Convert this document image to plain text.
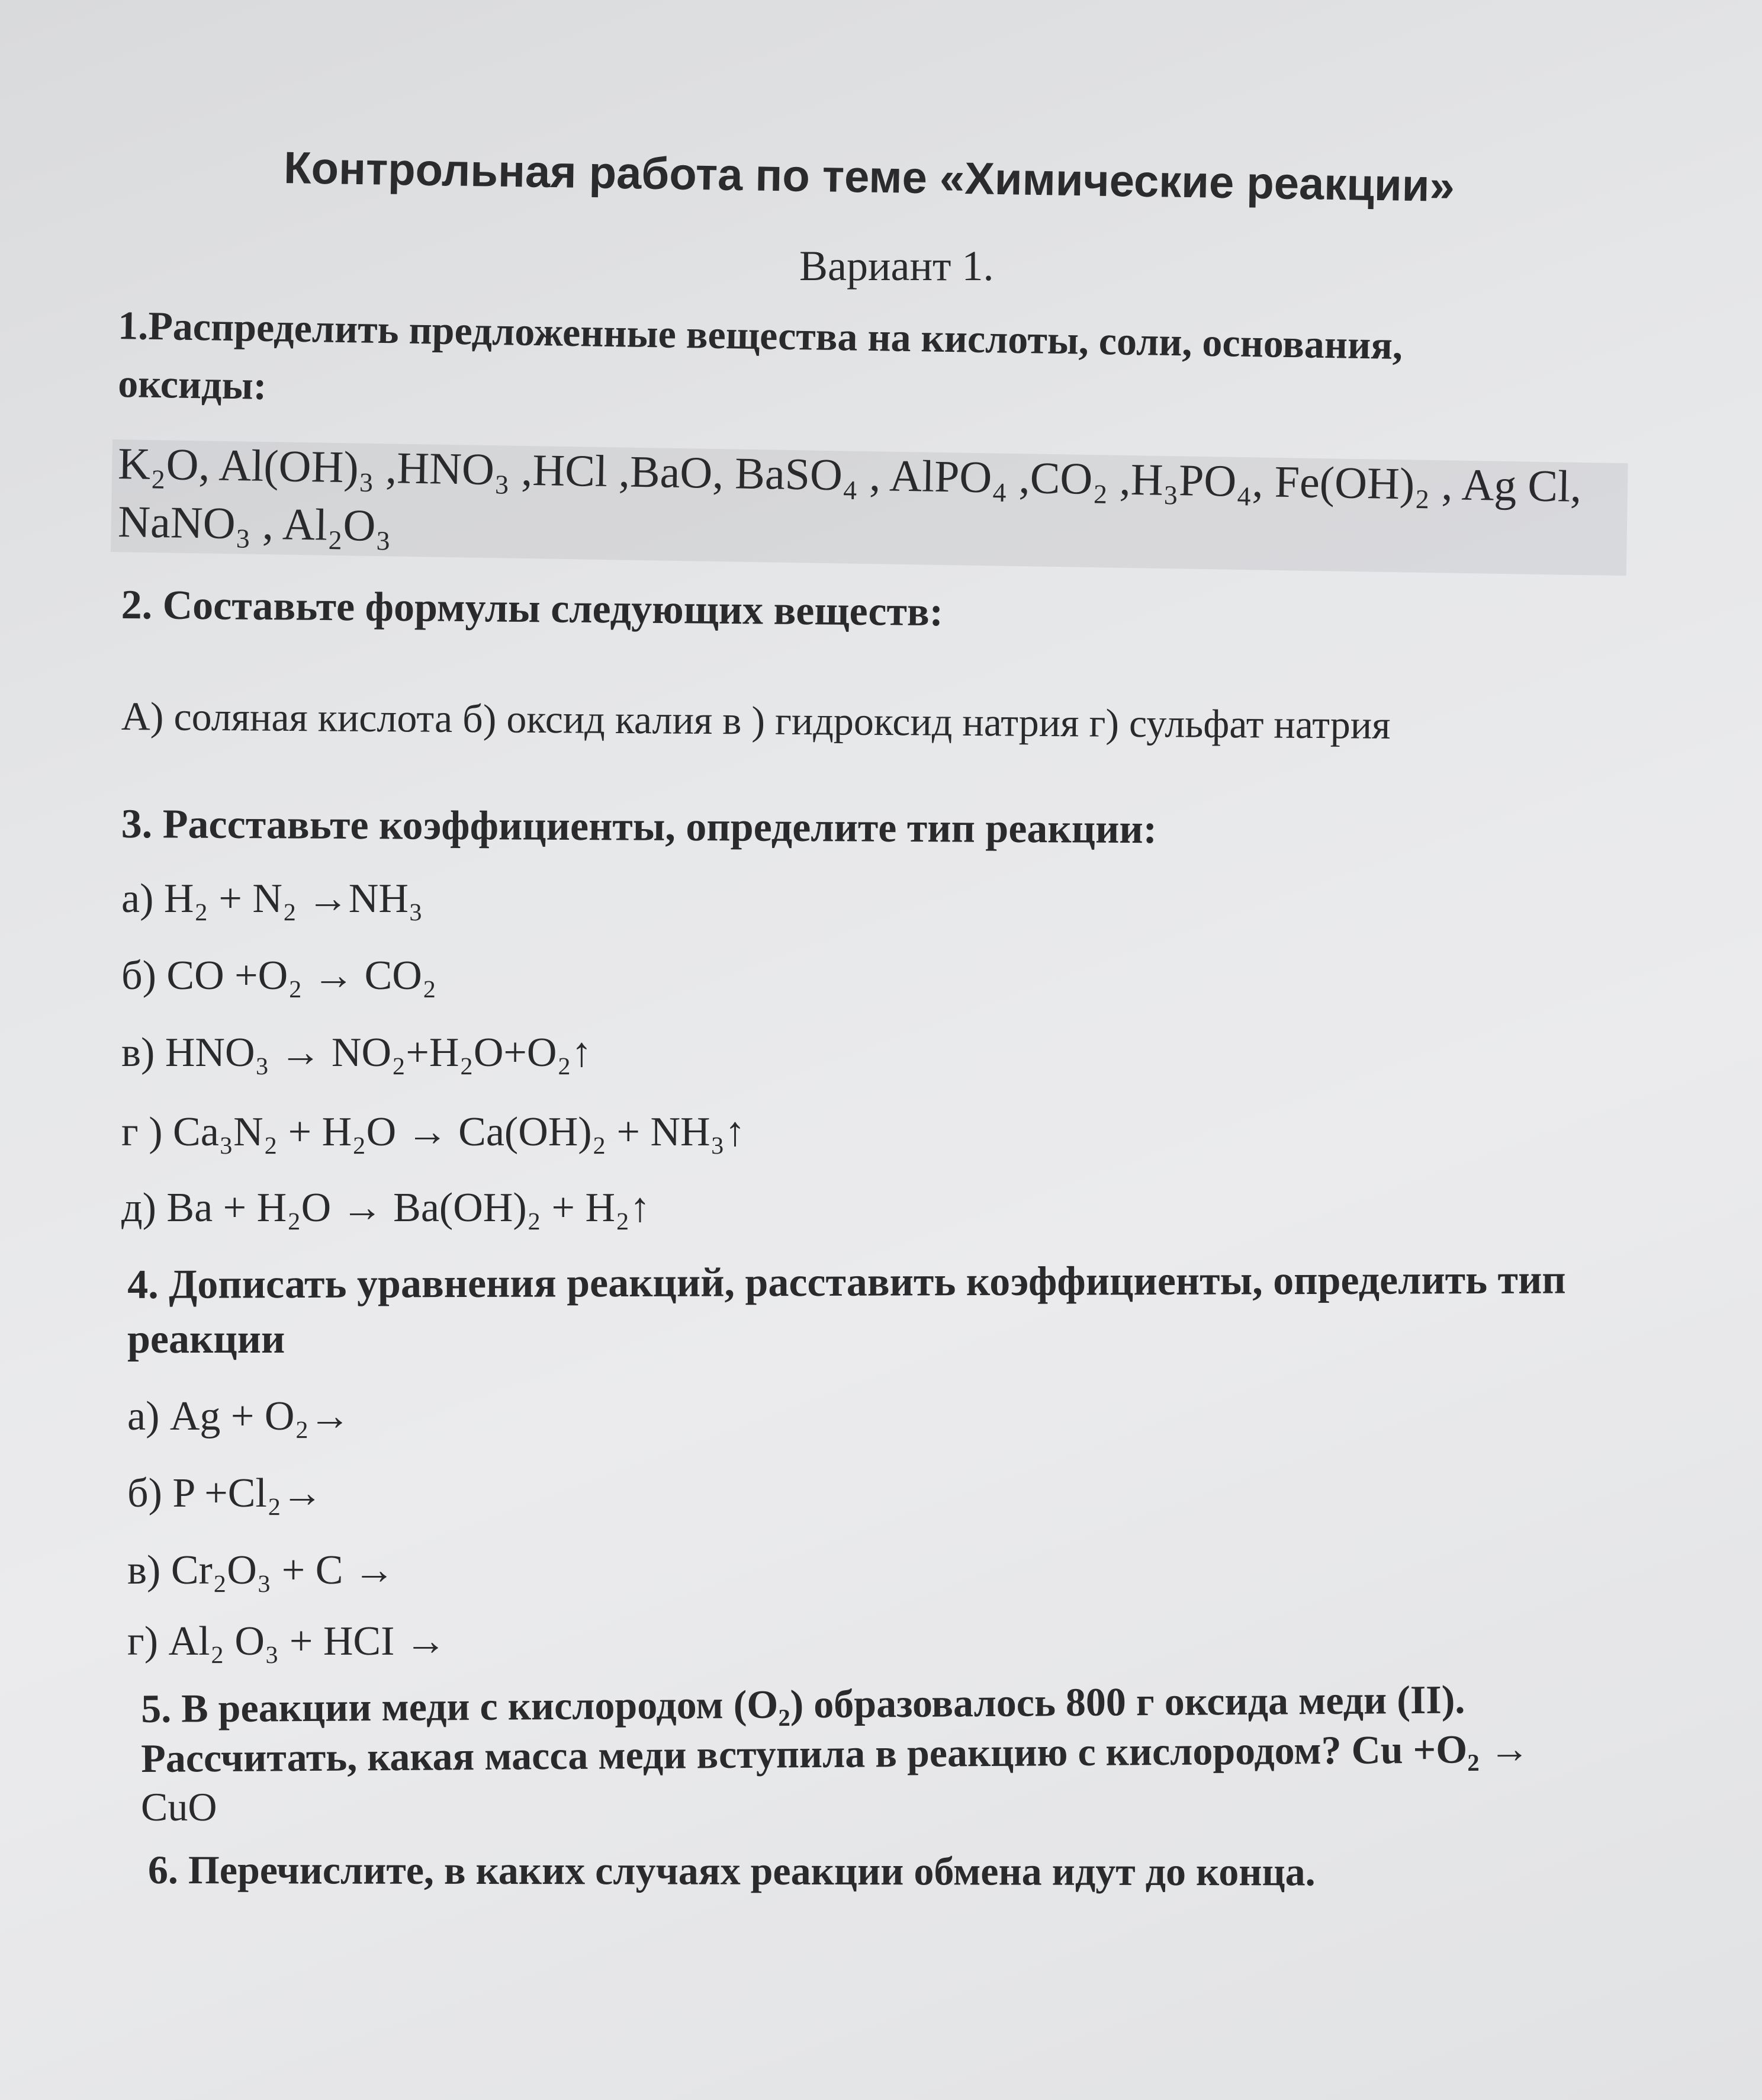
Контрольная работа по теме «Химические реакции»
Вариант 1.
1.Распределить предложенные вещества на кислоты, соли, основания,
оксиды:
K₂O, Al(OH)₃ ,HNO₃ ,HCl ,BaO, BaSO₄ , AlPO₄ ,CO₂ ,H₃PO₄, Fe(OH)₂ , Ag Cl,
NaNO₃ , Al₂O₃
2. Составьте формулы следующих веществ:
А) соляная кислота б) оксид калия в ) гидроксид натрия г) сульфат натрия
3. Расставьте коэффициенты, определите тип реакции:
а) H₂ + N₂ →NH₃
б) CO +O₂ → CO₂
в) HNO₃ → NO₂+H₂O+O₂↑
г ) Ca₃N₂ + H₂O → Ca(OH)₂ + NH₃↑
д) Ba + H₂O → Ba(OH)₂ + H₂↑
4. Дописать уравнения реакций, расставить коэффициенты, определить тип
реакции
а) Ag + O₂→
б) P +Cl₂→
в) Cr₂O₃ + C →
г) Al₂ O₃ + HCI →
5. В реакции меди с кислородом (O₂) образовалось 800 г оксида меди (II).
Рассчитать, какая масса меди вступила в реакцию с кислородом? Cu +O₂ →
CuO
6. Перечислите, в каких случаях реакции обмена идут до конца.
